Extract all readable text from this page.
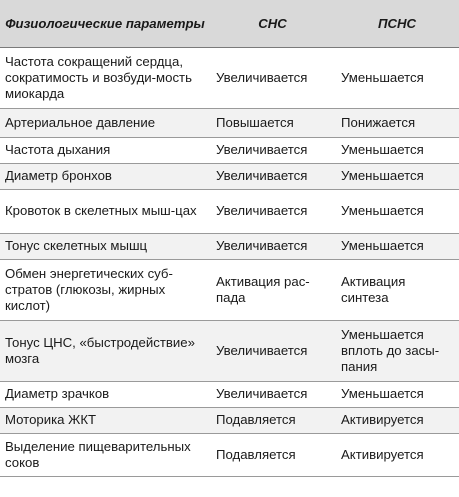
Физиологические параметры	СНС	ПСНС
Частота сокращений сердца, сократимость и возбуди-мость миокарда	Увеличивается	Уменьшается
Артериальное давление	Повышается	Понижается
Частота дыхания	Увеличивается	Уменьшается
Диаметр бронхов	Увеличивается	Уменьшается
Кровоток в скелетных мыш-цах	Увеличивается	Уменьшается
Тонус скелетных мышц	Увеличивается	Уменьшается
Обмен энергетических суб-стратов (глюкозы, жирных кислот)	Активация рас-пада	Активация синтеза
Тонус ЦНС, «быстродействие» мозга	Увеличивается	Уменьшается вплоть до засы-пания
Диаметр зрачков	Увеличивается	Уменьшается
Моторика ЖКТ	Подавляется	Активируется
Выделение пищеварительных соков	Подавляется	Активируется
